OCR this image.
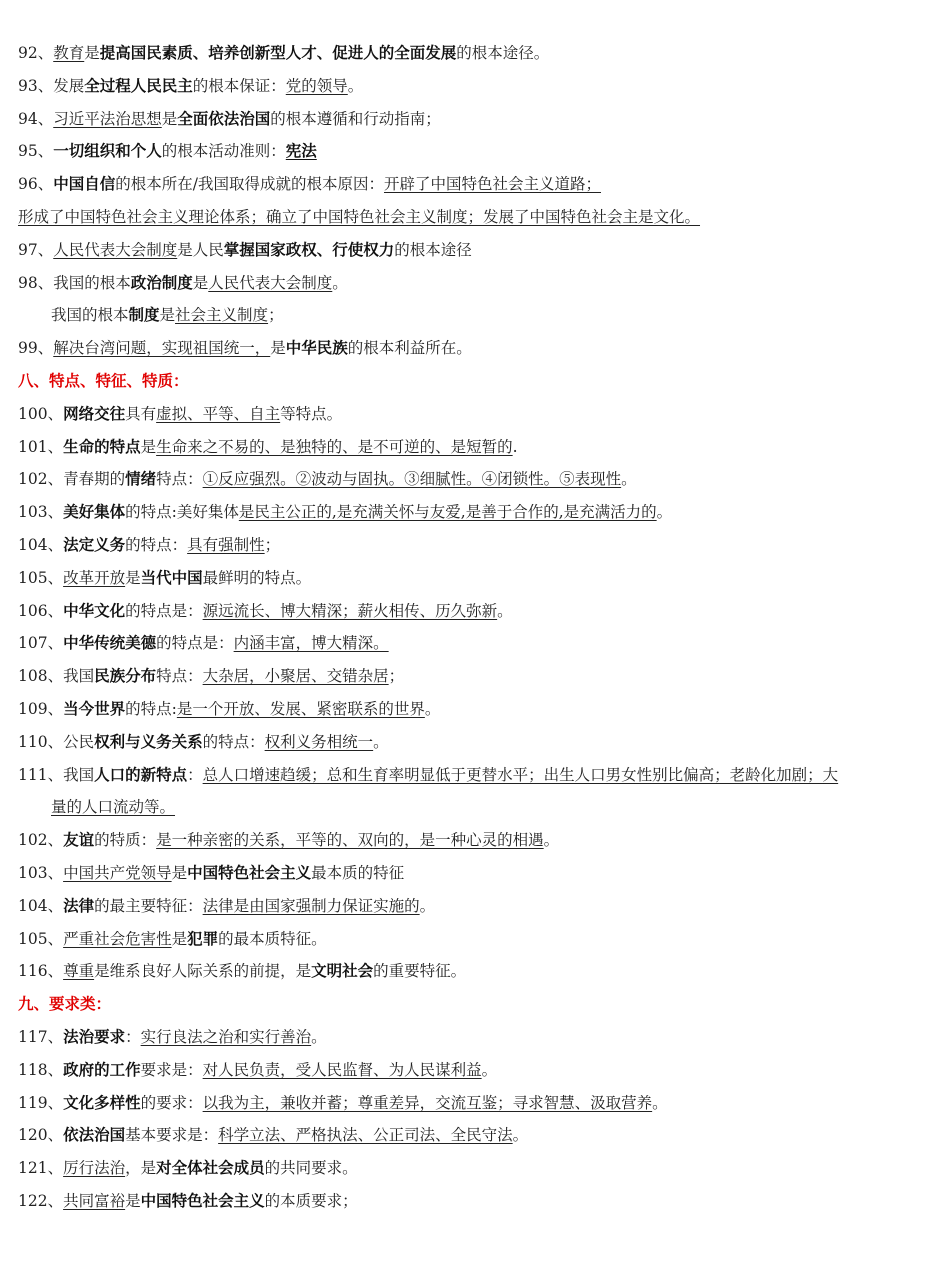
92、教育是提高国民素质、培养创新型人才、促进人的全面发展的根本途径。
93、发展全过程人民民主的根本保证：党的领导。
94、习近平法治思想是全面依法治国的根本遵循和行动指南；
95、一切组织和个人的根本活动准则：宪法
96、中国自信的根本所在/我国取得成就的根本原因：开辟了中国特色社会主义道路；
形成了中国特色社会主义理论体系；确立了中国特色社会主义制度；发展了中国特色社会主是文化。
97、人民代表大会制度是人民掌握国家政权、行使权力的根本途径
98、我国的根本政治制度是人民代表大会制度。
我国的根本制度是社会主义制度；
99、解决台湾问题，实现祖国统一，是中华民族的根本利益所在。
八、特点、特征、特质：
100、网络交往具有虚拟、平等、自主等特点。
101、生命的特点是生命来之不易的、是独特的、是不可逆的、是短暂的.
102、青春期的情绪特点：①反应强烈。②波动与固执。③细腻性。④闭锁性。⑤表现性。
103、美好集体的特点:美好集体是民主公正的,是充满关怀与友爱,是善于合作的,是充满活力的。
104、法定义务的特点：具有强制性；
105、改革开放是当代中国最鲜明的特点。
106、中华文化的特点是：源远流长、博大精深；薪火相传、历久弥新。
107、中华传统美德的特点是：内涵丰富，博大精深。
108、我国民族分布特点：大杂居，小聚居、交错杂居；
109、当今世界的特点:是一个开放、发展、紧密联系的世界。
110、公民权利与义务关系的特点：权利义务相统一。
111、我国人口的新特点：总人口增速趋缓；总和生育率明显低于更替水平；出生人口男女性别比偏高；老龄化加剧；大
量的人口流动等。
102、友谊的特质：是一种亲密的关系，平等的、双向的，是一种心灵的相遇。
103、中国共产党领导是中国特色社会主义最本质的特征
104、法律的最主要特征：法律是由国家强制力保证实施的。
105、严重社会危害性是犯罪的最本质特征。
116、尊重是维系良好人际关系的前提，是文明社会的重要特征。
九、要求类：
117、法治要求：实行良法之治和实行善治。
118、政府的工作要求是：对人民负责，受人民监督、为人民谋利益。
119、文化多样性的要求：以我为主，兼收并蓄；尊重差异，交流互鉴；寻求智慧、汲取营养。
120、依法治国基本要求是：科学立法、严格执法、公正司法、全民守法。
121、厉行法治，是对全体社会成员的共同要求。
122、共同富裕是中国特色社会主义的本质要求；
